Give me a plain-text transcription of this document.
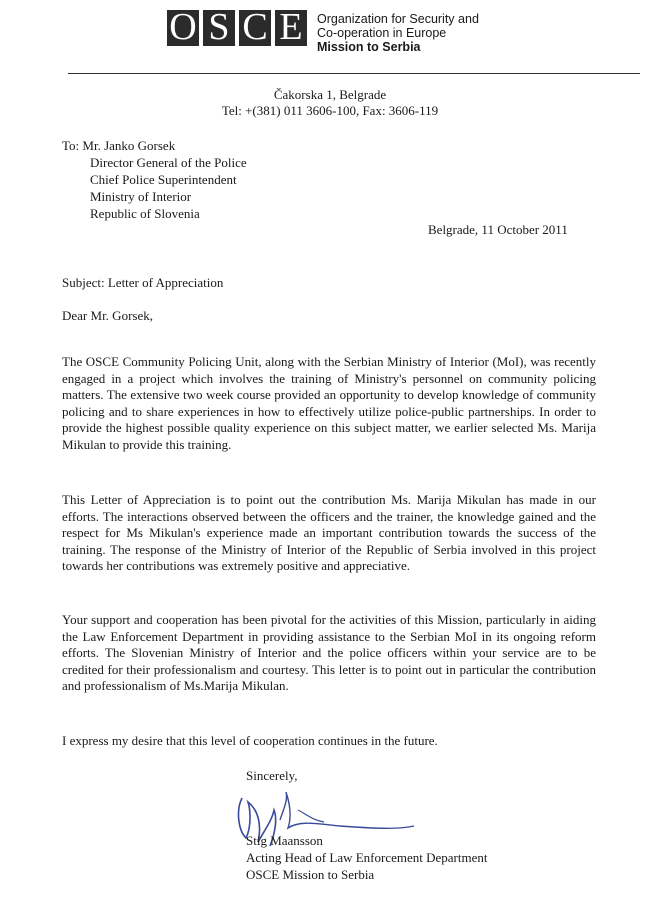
O S C E	Organization for Security and
Co-operation in Europe
Mission to Serbia
Čakorska 1, Belgrade
Tel: +(381) 011 3606-100, Fax: 3606-119
To: Mr. Janko Gorsek
Director General of the Police
Chief Police Superintendent
Ministry of Interior
Republic of Slovenia
Belgrade, 11 October 2011
Subject: Letter of Appreciation
Dear Mr. Gorsek,
The OSCE Community Policing Unit, along with the Serbian Ministry of Interior (MoI), was recently engaged in a project which involves the training of Ministry's personnel on community policing matters. The extensive two week course provided an opportunity to develop knowledge of community policing and to share experiences in how to effectively utilize police-public partnerships. In order to provide the highest possible quality experience on this subject matter, we earlier selected Ms. Marija Mikulan to provide this training.
This Letter of Appreciation is to point out the contribution Ms. Marija Mikulan has made in our efforts. The interactions observed between the officers and the trainer, the knowledge gained and the respect for Ms Mikulan's experience made an important contribution towards the success of the training. The response of the Ministry of Interior of the Republic of Serbia involved in this project towards her contributions was extremely positive and appreciative.
Your support and cooperation has been pivotal for the activities of this Mission, particularly in aiding the Law Enforcement Department in providing assistance to the Serbian MoI in its ongoing reform efforts. The Slovenian Ministry of Interior and the police officers within your service are to be credited for their professionalism and courtesy. This letter is to point out in particular the contribution and professionalism of Ms.Marija Mikulan.
I express my desire that this level of cooperation continues in the future.
Sincerely,
Stig Maansson
Acting Head of Law Enforcement Department
OSCE Mission to Serbia
